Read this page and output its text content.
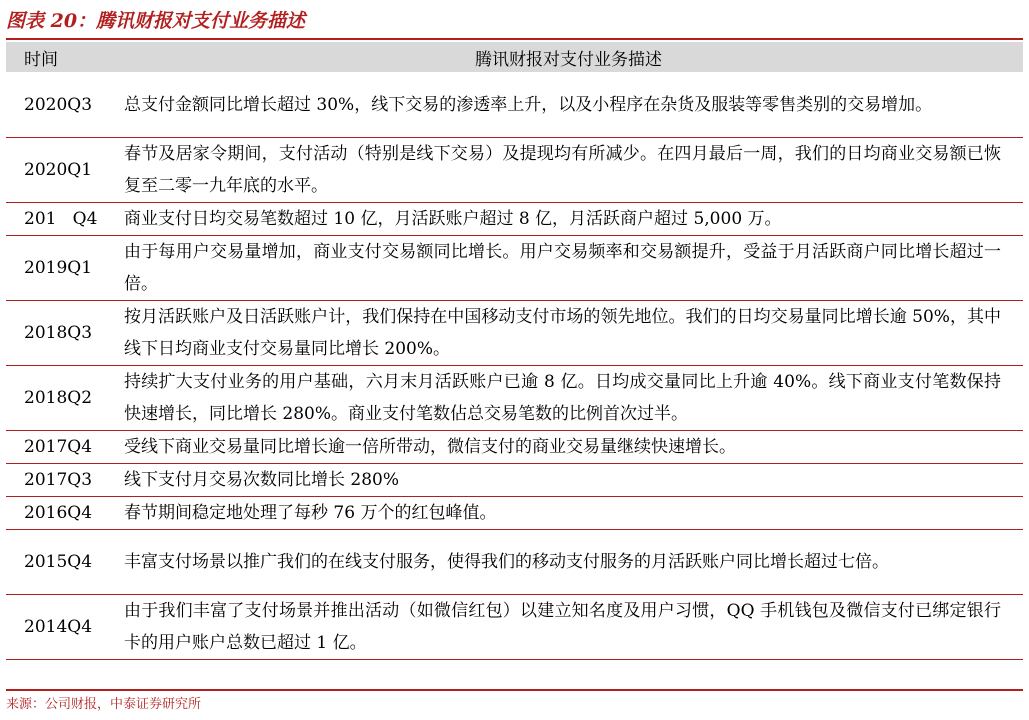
图表 20：腾讯财报对支付业务描述
时间	腾讯财报对支付业务描述
2020Q3	总支付金额同比增长超过 30%，线下交易的渗透率上升，以及小程序在杂货及服装等零售类别的交易增加。
2020Q1	春节及居家令期间，支付活动（特别是线下交易）及提现均有所减少。在四月最后一周，我们的日均商业交易额已恢复至二零一九年底的水平。
201   Q4	商业支付日均交易笔数超过 10 亿，月活跃账户超过 8 亿，月活跃商户超过 5,000 万。
2019Q1	由于每用户交易量增加，商业支付交易额同比增长。用户交易频率和交易额提升，受益于月活跃商户同比增长超过一倍。
2018Q3	按月活跃账户及日活跃账户计，我们保持在中国移动支付市场的领先地位。我们的日均交易量同比增长逾 50%，其中线下日均商业支付交易量同比增长 200%。
2018Q2	持续扩大支付业务的用户基础，六月末月活跃账户已逾 8 亿。日均成交量同比上升逾 40%。线下商业支付笔数保持快速增长，同比增长 280%。商业支付笔数佔总交易笔数的比例首次过半。
2017Q4	受线下商业交易量同比增长逾一倍所带动，微信支付的商业交易量继续快速增长。
2017Q3	线下支付月交易次数同比增长 280%
2016Q4	春节期间稳定地处理了每秒 76 万个的红包峰值。
2015Q4	丰富支付场景以推广我们的在线支付服务，使得我们的移动支付服务的月活跃账户同比增长超过七倍。
2014Q4	由于我们丰富了支付场景并推出活动（如微信红包）以建立知名度及用户习惯，QQ 手机钱包及微信支付已绑定银行卡的用户账户总数已超过 1 亿。
来源：公司财报，中泰证券研究所
